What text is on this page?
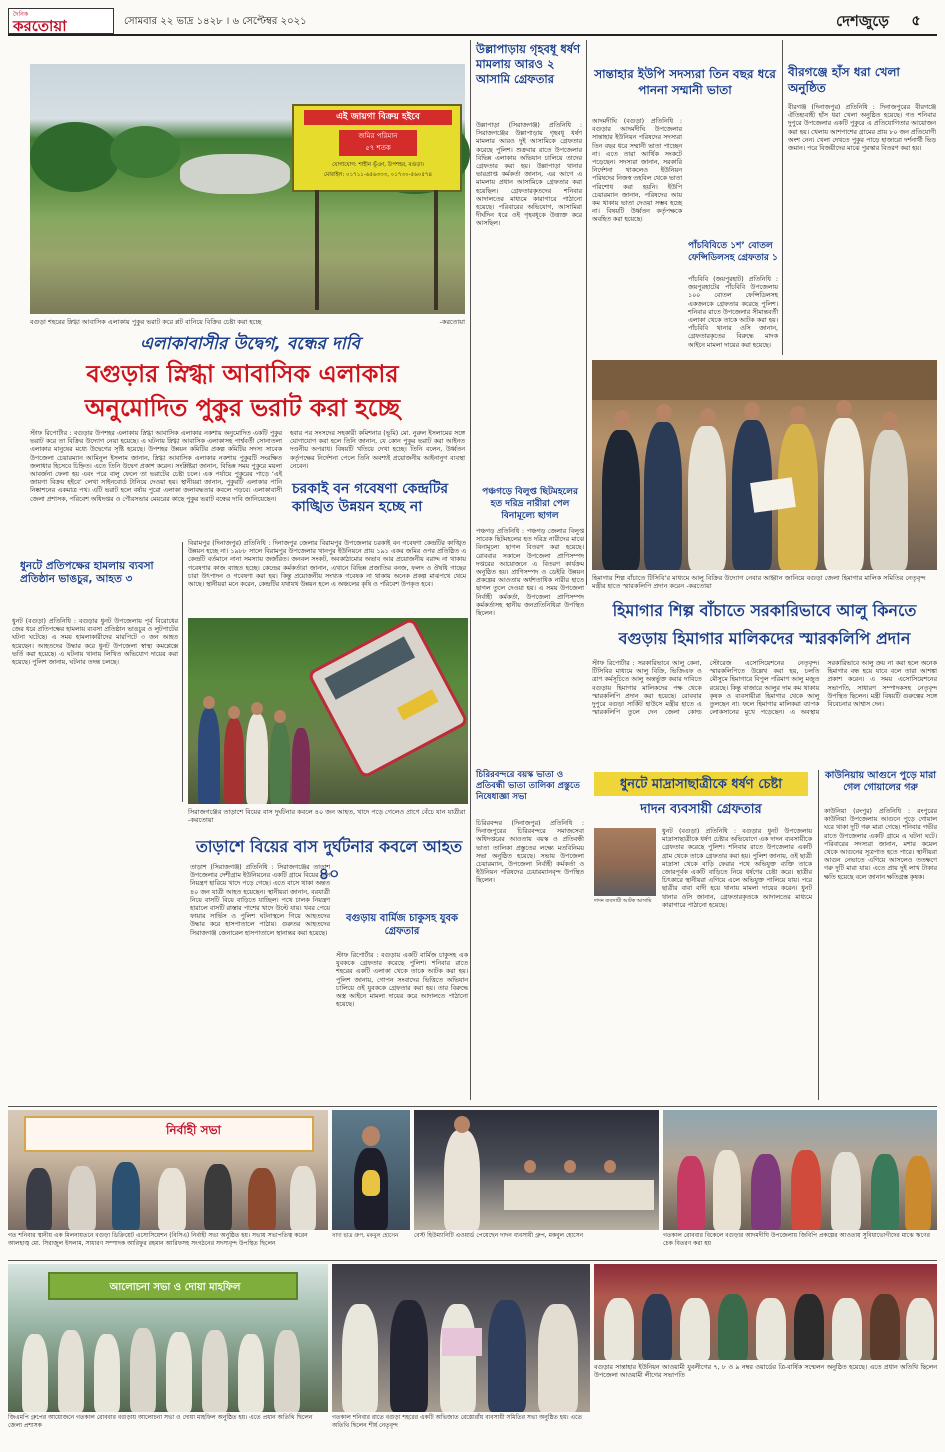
দৈনিক
করতোয়া	সোমবার ২২ ভাদ্র ১৪২৮ । ৬ সেপ্টেম্বর ২০২১	দেশজুড়ে	৫
এই জায়গা বিক্রয় হইবে
জমির পরিমান
৫৭ শতক
যোগাযোগ: শাহীন ভূঁঞা, উপশহর, বগুড়া।
মোবাইল: ০১৭১১-৬৫৬৩৩৩, ০১৭৩০-৫৬০৫৭৪
বগুড়া শহরের স্নিগ্ধা আবাসিক এলাকায় পুকুর ভরাট করে প্লট বানিয়ে বিক্রির চেষ্টা করা হচ্ছে	-করতোয়া
এলাকাবাসীর উদ্বেগ, বন্ধের দাবি
বগুড়ার স্নিগ্ধা আবাসিক এলাকার
অনুমোদিত পুকুর ভরাট করা হচ্ছে
স্টাফ রিপোর্টার : বগুড়ার উপশহর এলাকায় স্নিগ্ধা আবাসিক এলাকার নকশায় অনুমোদিত একটি পুকুর ভরাট করে তা বিক্রির উদ্যোগ নেয়া হয়েছে। এ ঘটনায় স্নিগ্ধা আবাসিক এলাকাসহ পার্শ্ববর্তী সোনাতলা এলাকার মানুষের মধ্যে উদ্বেগের সৃষ্টি হয়েছে। উপশহর উন্নয়ন কমিটির প্রকল্প কমিটির সদস্য সাবেক উপজেলা চেয়ারম্যান আমিনুল ইসলাম জানান, স্নিগ্ধা আবাসিক এলাকার নকশায় পুকুরটি সংরক্ষিত জলাধার হিসেবে চিহ্নিত। এতে তিনি উদ্বেগ প্রকাশ করেন। সংশ্লিষ্টরা জানান, বিভিন্ন সময় পুকুরে ময়লা আবর্জনা ফেলা হয় এবং পরে বালু ফেলে তা ভরাটের চেষ্টা চলে। এক পর্যায়ে পুকুরের পাড়ে ‘এই জায়গা বিক্রয় হইবে’ লেখা সাইনবোর্ড টানিয়ে দেওয়া হয়। স্থানীয়রা জানান, পুকুরটি এলাকার পানি নিষ্কাশনের একমাত্র পথ। এটি ভরাট হলে বর্ষায় পুরো এলাকা জলাবদ্ধতার কবলে পড়বে। এলাকাবাসী জেলা প্রশাসক, পরিবেশ অধিদপ্তর ও পৌরসভার মেয়রের কাছে পুকুর ভরাট বন্ধের দাবি জানিয়েছেন।
হবার পর সংসদের সহকারী কমিশনার (ভূমি) মো. নুরুল ইসলামের সঙ্গে যোগাযোগ করা হলে তিনি জানান, যে কোন পুকুর ভরাট করা আইনত দণ্ডনীয় অপরাধ। বিষয়টি খতিয়ে দেখা হচ্ছে। তিনি বলেন, উর্ধ্বতন কর্তৃপক্ষের নির্দেশনা পেলে তিনি অবশ্যই প্রয়োজনীয় আইনানুগ ব্যবস্থা নেবেন।
চরকাই বন গবেষণা কেন্দ্রটির কাঙ্খিত উন্নয়ন হচ্ছে না
বিরামপুর (দিনাজপুর) প্রতিনিধি : দিনাজপুর জেলার বিরামপুর উপজেলার চরকাই বন গবেষণা কেন্দ্রটির কাঙ্খিত উন্নয়ন হচ্ছে না। ১৯৮৮ সালে বিরামপুর উপজেলার খানপুর ইউনিয়নে প্রায় ১৯১ একর জমির ওপর প্রতিষ্ঠিত এ কেন্দ্রটি বর্তমানে নানা সমস্যায় জর্জরিত। জনবল সংকট, অবকাঠামোর অভাব আর প্রয়োজনীয় বরাদ্দ না থাকায় গবেষণার কাজ ব্যাহত হচ্ছে। কেন্দ্রের কর্মকর্তারা জানান, এখানে বিভিন্ন প্রজাতির বনজ, ফলদ ও ঔষধি গাছের চারা উৎপাদন ও গবেষণা করা হয়। কিন্তু প্রয়োজনীয় সংখ্যক গবেষক না থাকায় অনেক প্রকল্প মাঝপথে থেমে আছে। স্থানীয়রা মনে করেন, কেন্দ্রটির যথাযথ উন্নয়ন হলে এ অঞ্চলের কৃষি ও পরিবেশ উপকৃত হবে।
ধুনটে প্রতিপক্ষের হামলায় ব্যবসা প্রতিষ্ঠান ভাঙচুর, আহত ৩
ধুনট (বগুড়া) প্রতিনিধি : বগুড়ার ধুনট উপজেলায় পূর্ব বিরোধের জের ধরে প্রতিপক্ষের হামলায় ব্যবসা প্রতিষ্ঠান ভাঙচুর ও লুটপাটের ঘটনা ঘটেছে। এ সময় হামলাকারীদের মারপিটে ৩ জন আহত হয়েছেন। আহতদের উদ্ধার করে ধুনট উপজেলা স্বাস্থ্য কমপ্লেক্সে ভর্তি করা হয়েছে। এ ঘটনায় থানায় লিখিত অভিযোগ দায়ের করা হয়েছে। পুলিশ জানায়, ঘটনার তদন্ত চলছে।
সিরাজগঞ্জের তাড়াশে বিয়ের বাস দুর্ঘটনার কবলে ৪০ জন আহত, খাদে পড়ে গেলেও প্রাণে বেঁচে যান যাত্রীরা -করতোয়া
তাড়াশে বিয়ের বাস দুর্ঘটনার কবলে আহত ৪০
তাড়াশ (সিরাজগঞ্জ) প্রতিনিধি : সিরাজগঞ্জের তাড়াশ উপজেলার দেশীগ্রাম ইউনিয়নের একটি গ্রামে বিয়ের বাস নিয়ন্ত্রণ হারিয়ে খাদে পড়ে গেছে। এতে বাসে থাকা অন্তত ৪০ জন যাত্রী আহত হয়েছেন। স্থানীয়রা জানান, বরযাত্রী নিয়ে বাসটি বিয়ে বাড়িতে যাচ্ছিল। পথে চালক নিয়ন্ত্রণ হারালে বাসটি রাস্তার পাশের খাদে উল্টে যায়। খবর পেয়ে ফায়ার সার্ভিস ও পুলিশ ঘটনাস্থলে গিয়ে আহতদের উদ্ধার করে হাসপাতালে পাঠায়। গুরুতর আহতদের সিরাজগঞ্জ জেনারেল হাসপাতালে স্থানান্তর করা হয়েছে।
বগুড়ায় বার্মিজ চাকুসহ যুবক গ্রেফতার
স্টাফ রিপোর্টার : বগুড়ায় একটি বার্মিজ চাকুসহ এক যুবককে গ্রেফতার করেছে পুলিশ। শনিবার রাতে শহরের একটি এলাকা থেকে তাকে আটক করা হয়। পুলিশ জানায়, গোপন সংবাদের ভিত্তিতে অভিযান চালিয়ে ওই যুবককে গ্রেফতার করা হয়। তার বিরুদ্ধে অস্ত্র আইনে মামলা দায়ের করে আদালতে পাঠানো হয়েছে।
উল্লাপাড়ায় গৃহবধূ ধর্ষণ মামলায় আরও ২ আসামি গ্রেফতার
উল্লাপাড়া (সিরাজগঞ্জ) প্রতিনিধি : সিরাজগঞ্জের উল্লাপাড়ায় গৃহবধূ ধর্ষণ মামলার আরও দুই আসামিকে গ্রেফতার করেছে পুলিশ। শুক্রবার রাতে উপজেলার বিভিন্ন এলাকায় অভিযান চালিয়ে তাদের গ্রেফতার করা হয়। উল্লাপাড়া থানার ভারপ্রাপ্ত কর্মকর্তা জানান, এর আগে এ মামলায় প্রধান আসামিকে গ্রেফতার করা হয়েছিল। গ্রেফতারকৃতদের শনিবার আদালতের মাধ্যমে কারাগারে পাঠানো হয়েছে। পরিবারের অভিযোগ, আসামিরা দীর্ঘদিন ধরে ওই গৃহবধূকে উত্ত্যক্ত করে আসছিল।
সান্তাহার ইউপি সদস্যরা তিন বছর ধরে পাননা সম্মানী ভাতা
আদমদীঘি (বগুড়া) প্রতিনিধি : বগুড়ার আদমদীঘি উপজেলার সান্তাহার ইউনিয়ন পরিষদের সদস্যরা তিন বছর ধরে সম্মানী ভাতা পাচ্ছেন না। এতে তারা আর্থিক সংকটে পড়েছেন। সদস্যরা জানান, সরকারি নির্দেশনা থাকলেও ইউনিয়ন পরিষদের নিজস্ব তহবিল থেকে ভাতা পরিশোধ করা হয়নি। ইউপি চেয়ারম্যান জানান, পরিষদের আয় কম থাকায় ভাতা দেওয়া সম্ভব হচ্ছে না। বিষয়টি উর্ধ্বতন কর্তৃপক্ষকে অবহিত করা হয়েছে।
পাঁচবিবিতে ১শ’ বোতল ফেন্সিডিলসহ গ্রেফতার ১
পাঁচবিবি (জয়পুরহাট) প্রতিনিধি : জয়পুরহাটের পাঁচবিবি উপজেলায় ১০০ বোতল ফেন্সিডিলসহ একজনকে গ্রেফতার করেছে পুলিশ। শনিবার রাতে উপজেলার সীমান্তবর্তী এলাকা থেকে তাকে আটক করা হয়। পাঁচবিবি থানার ওসি জানান, গ্রেফতারকৃতের বিরুদ্ধে মাদক আইনে মামলা দায়ের করা হয়েছে।
বীরগঞ্জে হাঁস ধরা খেলা অনুষ্ঠিত
বীরগঞ্জ (দিনাজপুর) প্রতিনিধি : দিনাজপুরের বীরগঞ্জে ঐতিহ্যবাহী হাঁস ধরা খেলা অনুষ্ঠিত হয়েছে। গত শনিবার দুপুরে উপজেলার একটি পুকুরে এ প্রতিযোগিতার আয়োজন করা হয়। খেলায় আশপাশের গ্রামের প্রায় ৮০ জন প্রতিযোগী অংশ নেন। খেলা দেখতে পুকুর পাড়ে হাজারো দর্শনার্থী ভিড় জমান। পরে বিজয়ীদের মাঝে পুরস্কার বিতরণ করা হয়।
হিমাগার শিল্প বাঁচাতে টিসিবি’র মাধ্যমে আলু বিক্রির উদ্যোগ নেবার আহ্বান জানিয়ে বগুড়া জেলা হিমাগার মালিক সমিতির নেতৃবৃন্দ মন্ত্রীর হাতে স্মারকলিপি প্রদান করেন -করতোয়া
পঞ্চগড়ে বিলুপ্ত ছিটমহলের হত দরিদ্র নারীরা পেল বিনামূল্যে ছাগল
পঞ্চগড় প্রতিনিধি : পঞ্চগড় জেলার বিলুপ্ত সাবেক ছিটমহলের হত দরিদ্র নারীদের মাঝে বিনামূল্যে ছাগল বিতরণ করা হয়েছে। রোববার সকালে উপজেলা প্রাণিসম্পদ দপ্তরের আয়োজনে এ বিতরণ কার্যক্রম অনুষ্ঠিত হয়। প্রাণিসম্পদ ও ডেইরি উন্নয়ন প্রকল্পের আওতায় অর্ধশতাধিক নারীর হাতে ছাগল তুলে দেওয়া হয়। এ সময় উপজেলা নির্বাহী কর্মকর্তা, উপজেলা প্রাণিসম্পদ কর্মকর্তাসহ স্থানীয় জনপ্রতিনিধিরা উপস্থিত ছিলেন।
চিরিরবন্দরে বয়স্ক ভাতা ও প্রতিবন্ধী ভাতা তালিকা প্রস্তুতে নিষেধাজ্ঞা সভা
চিরিরবন্দর (দিনাজপুর) প্রতিনিধি : দিনাজপুরের চিরিরবন্দরে সমাজসেবা অধিদপ্তরের আওতায় বয়স্ক ও প্রতিবন্ধী ভাতা তালিকা প্রস্তুতের লক্ষ্যে মতবিনিময় সভা অনুষ্ঠিত হয়েছে। সভায় উপজেলা চেয়ারম্যান, উপজেলা নির্বাহী কর্মকর্তা ও ইউনিয়ন পরিষদের চেয়ারম্যানবৃন্দ উপস্থিত ছিলেন।
হিমাগার শিল্প বাঁচাতে সরকারিভাবে আলু কিনতে
বগুড়ায় হিমাগার মালিকদের স্মারকলিপি প্রদান
স্টাফ রিপোর্টার : সরকারিভাবে আলু কেনা, টিসিবির মাধ্যমে আলু বিক্রি, ভিজিএফ ও ত্রাণ কর্মসূচিতে আলু অন্তর্ভুক্ত করার দাবিতে বগুড়ায় হিমাগার মালিকদের পক্ষ থেকে স্মারকলিপি প্রদান করা হয়েছে। রোববার দুপুরে বগুড়া সার্কিট হাউসে মন্ত্রীর হাতে এ স্মারকলিপি তুলে দেন জেলা কোল্ড স্টোরেজ এসোসিয়েশনের নেতৃবৃন্দ। স্মারকলিপিতে উল্লেখ করা হয়, চলতি মৌসুমে হিমাগারে বিপুল পরিমাণ আলু মজুত রয়েছে। কিন্তু বাজারে আলুর দাম কম থাকায় কৃষক ও ব্যবসায়ীরা হিমাগার থেকে আলু তুলছেন না। ফলে হিমাগার মালিকরা ব্যাপক লোকসানের মুখে পড়েছেন। এ অবস্থায় সরকারিভাবে আলু ক্রয় না করা হলে অনেক হিমাগার বন্ধ হয়ে যাবে বলে তারা আশঙ্কা প্রকাশ করেন। এ সময় এসোসিয়েশনের সভাপতি, সাধারণ সম্পাদকসহ নেতৃবৃন্দ উপস্থিত ছিলেন। মন্ত্রী বিষয়টি গুরুত্বের সঙ্গে বিবেচনার আশ্বাস দেন।
ধুনটে মাদ্রাসাছাত্রীকে ধর্ষণ চেষ্টা
দাদন ব্যবসায়ী গ্রেফতার
দাদন ব্যবসায়ী আটক আসামি
ধুনট (বগুড়া) প্রতিনিধি : বগুড়ার ধুনট উপজেলায় মাদ্রাসাছাত্রীকে ধর্ষণ চেষ্টার অভিযোগে এক দাদন ব্যবসায়ীকে গ্রেফতার করেছে পুলিশ। শনিবার রাতে উপজেলার একটি গ্রাম থেকে তাকে গ্রেফতার করা হয়। পুলিশ জানায়, ওই ছাত্রী মাদ্রাসা থেকে বাড়ি ফেরার পথে অভিযুক্ত ব্যক্তি তাকে জোরপূর্বক একটি বাড়িতে নিয়ে ধর্ষণের চেষ্টা করে। ছাত্রীর চিৎকারে স্থানীয়রা এগিয়ে এলে অভিযুক্ত পালিয়ে যায়। পরে ছাত্রীর বাবা বাদী হয়ে থানায় মামলা দায়ের করেন। ধুনট থানার ওসি জানান, গ্রেফতারকৃতকে আদালতের মাধ্যমে কারাগারে পাঠানো হয়েছে।
কাউনিয়ায় আগুনে পুড়ে মারা গেল গোয়ালের গরু
কাউনিয়া (রংপুর) প্রতিনিধি : রংপুরের কাউনিয়া উপজেলায় আগুনে পুড়ে গোয়াল ঘরে থাকা দুটি গরু মারা গেছে। শনিবার গভীর রাতে উপজেলার একটি গ্রামে এ ঘটনা ঘটে। পরিবারের সদস্যরা জানান, মশার কয়েল থেকে আগুনের সূত্রপাত হতে পারে। স্থানীয়রা আগুন নেভাতে এগিয়ে আসলেও ততক্ষণে গরু দুটি মারা যায়। এতে প্রায় দুই লাখ টাকার ক্ষতি হয়েছে বলে জানান ক্ষতিগ্রস্ত কৃষক।
নির্বাহী সভা
গত শনিবার স্থানীয় এক মিলনায়তনে বগুড়া ডিক্রিয়েট এসোসিয়েশন (বিসিএ) নির্বাহী সভা অনুষ্ঠিত হয়। সভায় সভাপতিত্ব করেন আলহাজ্ব মো. সিরাজুল ইসলাম, সাধারণ সম্পাদক আরিফুর রহমান আরিফসহ সংগঠনের সদস্যবৃন্দ উপস্থিত ছিলেন
সাদা ছাত্র গ্রুপ, মকবুল হোসেন	বেস্ট হিউম্যানিটি এওয়ার্ড পেয়েছেন দাদন ব্যবসায়ী গ্রুপ, মকবুল হোসেন	গতকাল রোববার বিকেলে বগুড়ার আদমদীঘি উপজেলায় জিবিপি প্রকল্পের আওতায় সুবিধাভোগীদের মাঝে ঋণের চেক বিতরণ করা হয়
আলোচনা সভা ও দোয়া মাহফিল
জিএমপি গ্রুপের আয়োজনে গতকাল রোববার বগুড়ায় আলোচনা সভা ও দোয়া মাহফিল অনুষ্ঠিত হয়। এতে প্রধান অতিথি ছিলেন জেলা প্রশাসক
গতকাল শনিবার রাতে বগুড়া শহরের একটি অভিজাত রেস্তোরাঁয় ব্যবসায়ী সমিতির সভা অনুষ্ঠিত হয়। এতে অতিথি ছিলেন শীর্ষ নেতৃবৃন্দ
বগুড়ার সান্তাহার ইউনিয়ন আওয়ামী যুবলীগের ৭, ৮ ও ৯ নম্বর ওয়ার্ডের ত্রি-বার্ষিক সম্মেলন অনুষ্ঠিত হয়েছে। এতে প্রধান অতিথি ছিলেন উপজেলা আওয়ামী লীগের সভাপতি
